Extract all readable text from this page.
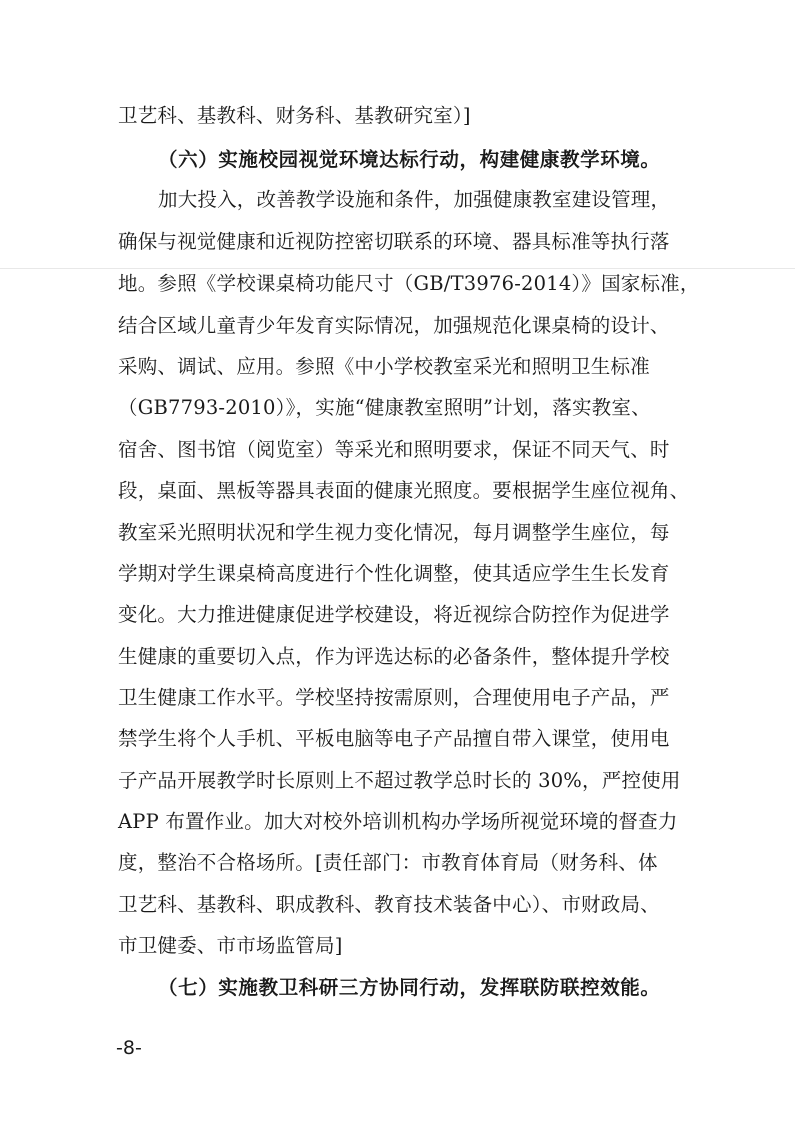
卫艺科、基教科、财务科、基教研究室）]
（六）实施校园视觉环境达标行动，构建健康教学环境。
加大投入，改善教学设施和条件，加强健康教室建设管理，
确保与视觉健康和近视防控密切联系的环境、器具标准等执行落
地。参照《学校课桌椅功能尺寸（GB/T3976-2014）》国家标准，
结合区域儿童青少年发育实际情况，加强规范化课桌椅的设计、
采购、调试、应用。参照《中小学校教室采光和照明卫生标准
（GB7793-2010）》，实施“健康教室照明”计划，落实教室、
宿舍、图书馆（阅览室）等采光和照明要求，保证不同天气、时
段，桌面、黑板等器具表面的健康光照度。要根据学生座位视角、
教室采光照明状况和学生视力变化情况，每月调整学生座位，每
学期对学生课桌椅高度进行个性化调整，使其适应学生生长发育
变化。大力推进健康促进学校建设，将近视综合防控作为促进学
生健康的重要切入点，作为评选达标的必备条件，整体提升学校
卫生健康工作水平。学校坚持按需原则，合理使用电子产品，严
禁学生将个人手机、平板电脑等电子产品擅自带入课堂，使用电
子产品开展教学时长原则上不超过教学总时长的 30%，严控使用
APP 布置作业。加大对校外培训机构办学场所视觉环境的督查力
度，整治不合格场所。[责任部门：市教育体育局（财务科、体
卫艺科、基教科、职成教科、教育技术装备中心）、市财政局、
市卫健委、市市场监管局]
（七）实施教卫科研三方协同行动，发挥联防联控效能。
-8-
